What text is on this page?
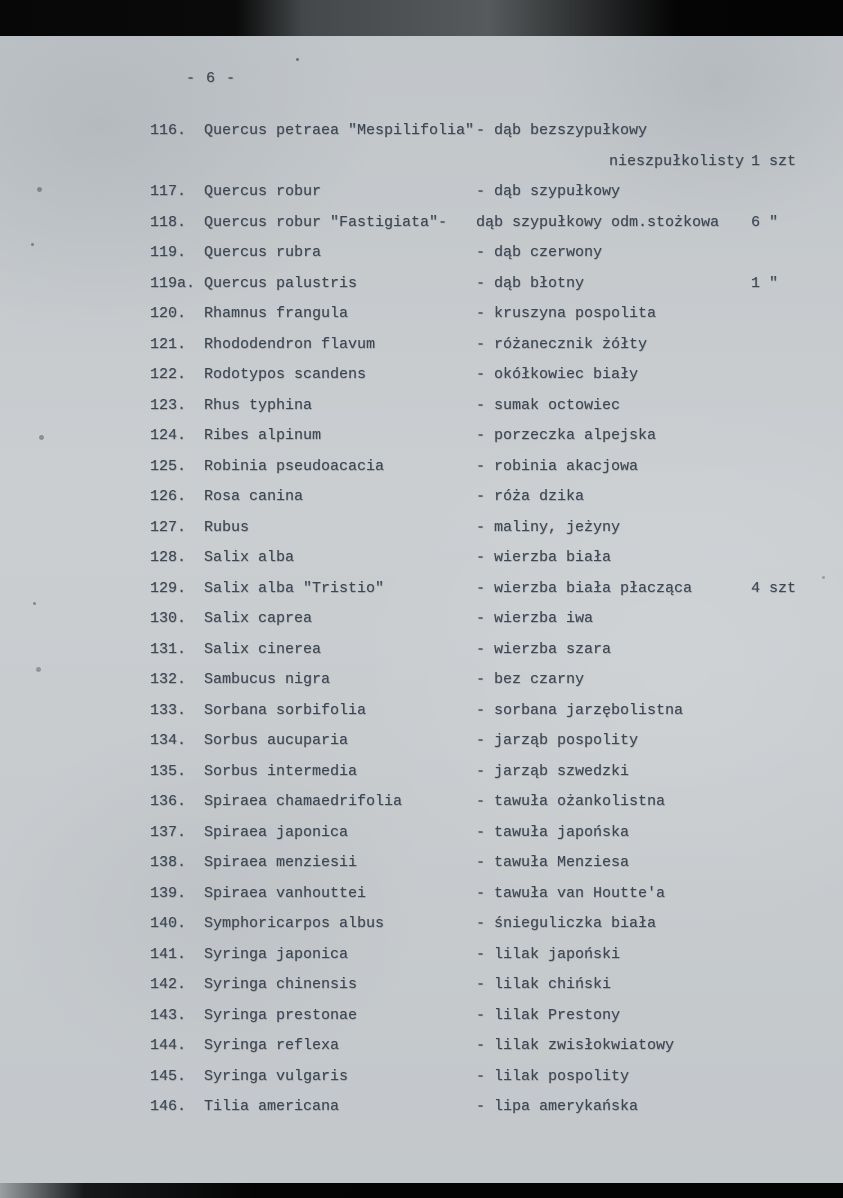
- 6 -
116.	Quercus petraea "Mespilifolia" - dąb bezszypułkowy
nieszpułkolisty 1 szt
117.	Quercus robur	- dąb szypułkowy
118.	Quercus robur "Fastigiata"-	dąb szypułkowy odm.stożkowa	6 "
119.	Quercus rubra	- dąb czerwony
119a. Quercus palustris	- dąb błotny	1 "
120.	Rhamnus frangula	- kruszyna pospolita
121.	Rhododendron flavum	- różanecznik żółty
122.	Rodotypos scandens	- okółkowiec biały
123.	Rhus typhina	- sumak octowiec
124.	Ribes alpinum	- porzeczka alpejska
125.	Robinia pseudoacacia	- robinia akacjowa
126.	Rosa canina	- róża dzika
127.	Rubus	- maliny, jeżyny
128.	Salix alba	- wierzba biała
129.	Salix alba "Tristio"	- wierzba biała płacząca	4 szt
130.	Salix caprea	- wierzba iwa
131.	Salix cinerea	- wierzba szara
132.	Sambucus nigra	- bez czarny
133.	Sorbana sorbifolia	- sorbana jarzębolistna
134.	Sorbus aucuparia	- jarząb pospolity
135.	Sorbus intermedia	- jarząb szwedzki
136.	Spiraea chamaedrifolia	- tawuła ożankolistna
137.	Spiraea japonica	- tawuła japońska
138.	Spiraea menziesii	- tawuła Menziesa
139.	Spiraea vanhouttei	- tawuła van Houtte'a
140.	Symphoricarpos albus	- śnieguliczka biała
141.	Syringa japonica	- lilak japoński
142.	Syringa chinensis	- lilak chiński
143.	Syringa prestonae	- lilak Prestony
144.	Syringa reflexa	- lilak zwisłokwiatowy
145.	Syringa vulgaris	- lilak pospolity
146.	Tilia americana	- lipa amerykańska
